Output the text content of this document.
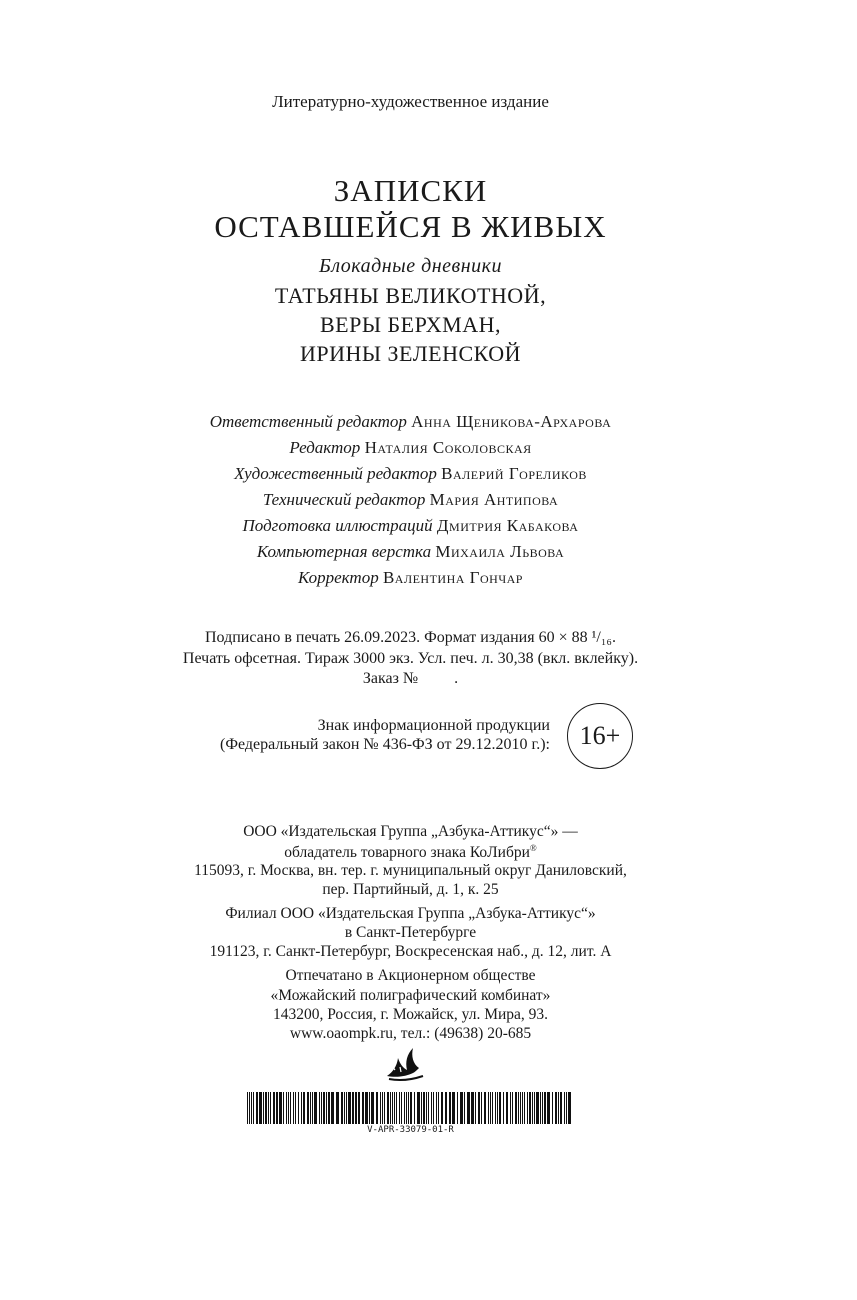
Литературно-художественное издание
ЗАПИСКИ
ОСТАВШЕЙСЯ В ЖИВЫХ
Блокадные дневники
ТАТЬЯНЫ ВЕЛИКОТНОЙ,
ВЕРЫ БЕРХМАН,
ИРИНЫ ЗЕЛЕНСКОЙ
Ответственный редактор Анна Щеникова-Архарова
Редактор Наталия Соколовская
Художественный редактор Валерий Гореликов
Технический редактор Мария Антипова
Подготовка иллюстраций Дмитрия Кабакова
Компьютерная верстка Михаила Львова
Корректор Валентина Гончар
Подписано в печать 26.09.2023. Формат издания 60 × 88 ¹/₁₆.
Печать офсетная. Тираж 3000 экз. Усл. печ. л. 30,38 (вкл. вклейку).
Заказ № .
Знак информационной продукции
(Федеральный закон № 436-ФЗ от 29.12.2010 г.):	16+
ООО «Издательская Группа „Азбука-Аттикус“» —
обладатель товарного знака КоЛибри®
115093, г. Москва, вн. тер. г. муниципальный округ Даниловский,
пер. Партийный, д. 1, к. 25
Филиал ООО «Издательская Группа „Азбука-Аттикус“»
в Санкт-Петербурге
191123, г. Санкт-Петербург, Воскресенская наб., д. 12, лит. А
Отпечатано в Акционерном обществе
«Можайский полиграфический комбинат»
143200, Россия, г. Можайск, ул. Мира, 93.
www.oaompk.ru, тел.: (49638) 20-685
V-APR-33079-01-R
